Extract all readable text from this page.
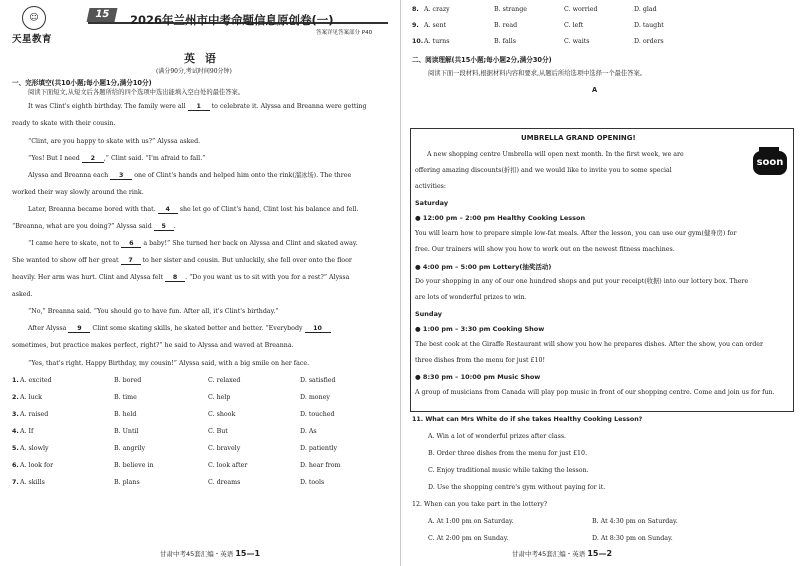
☺
天星教育
15	2026年兰州市中考命题信息原创卷(一)
答案详见答案部分 P40
英 语
(满分90分,考试时间90分钟)
一、完形填空(共10小题;每小题1分,满分10分)
阅读下面短文,从短文后各题所给的四个选项中选出能填入空白处的最佳答案。
It was Clint's eighth birthday. The family were all 1 to celebrate it. Alyssa and Breanna were getting
ready to skate with their cousin.
“Clint, are you happy to skate with us?” Alyssa asked.
“Yes! But I need 2 ,” Clint said. “I'm afraid to fall.”
Alyssa and Breanna each 3 one of Clint's hands and helped him onto the rink(溜冰场). The three
worked their way slowly around the rink.
Later, Breanna became bored with that. 4 she let go of Clint's hand, Clint lost his balance and fell.
“Breanna, what are you doing?” Alyssa said 5 .
“I came here to skate, not to 6 a baby!” She turned her back on Alyssa and Clint and skated away.
She wanted to show off her great 7 to her sister and cousin. But unluckily, she fell over onto the floor
heavily. Her arm was hurt. Clint and Alyssa felt 8 . “Do you want us to sit with you for a rest?” Alyssa
asked.
“No,” Breanna said. “You should go to have fun. After all, it's Clint's birthday.”
After Alyssa 9 Clint some skating skills, he skated better and better. “Everybody 10
sometimes, but practice makes perfect, right?” he said to Alyssa and waved at Breanna.
“Yes, that's right. Happy Birthday, my cousin!” Alyssa said, with a big smile on her face.
1. A. excited	B. bored	C. relaxed	D. satisfied
2. A. luck	B. time	C. help	D. money
3. A. raised	B. held	C. shook	D. touched
4. A. If	B. Until	C. But	D. As
5. A. slowly	B. angrily	C. bravely	D. patiently
6. A. look for	B. believe in	C. look after	D. hear from
7. A. skills	B. plans	C. dreams	D. tools
甘肃中考45套汇编・英语 15—1
8. A. crazy	B. strange	C. worried	D. glad
9. A. sent	B. read	C. left	D. taught
10. A. turns	B. falls	C. waits	D. orders
二、阅读理解(共15小题;每小题2分,满分30分)
阅读下面一段材料,根据材料内容和要求,从题后所给选项中选择一个最佳答案。
A
UMBRELLA GRAND OPENING!
soon
A new shopping centre Umbrella will open next month. In the first week, we are
offering amazing discounts(折扣) and we would like to invite you to some special
activities:
Saturday
● 12:00 pm – 2:00 pm Healthy Cooking Lesson
You will learn how to prepare simple low-fat meals. After the lesson, you can use our gym(健身房) for
free. Our trainers will show you how to work out on the newest fitness machines.
● 4:00 pm – 5:00 pm Lottery(抽奖活动)
Do your shopping in any of our one hundred shops and put your receipt(收据) into our lottery box. There
are lots of wonderful prizes to win.
Sunday
● 1:00 pm – 3:30 pm Cooking Show
The best cook at the Giraffe Restaurant will show you how he prepares dishes. After the show, you can order
three dishes from the menu for just £10!
● 8:30 pm – 10:00 pm Music Show
A group of musicians from Canada will play pop music in front of our shopping centre. Come and join us for fun.
11. What can Mrs White do if she takes Healthy Cooking Lesson?
A. Win a lot of wonderful prizes after class.
B. Order three dishes from the menu for just £10.
C. Enjoy traditional music while taking the lesson.
D. Use the shopping centre's gym without paying for it.
12. When can you take part in the lottery?
A. At 1:00 pm on Saturday.	B. At 4:30 pm on Saturday.
C. At 2:00 pm on Sunday.	D. At 8:30 pm on Sunday.
甘肃中考45套汇编・英语 15—2
